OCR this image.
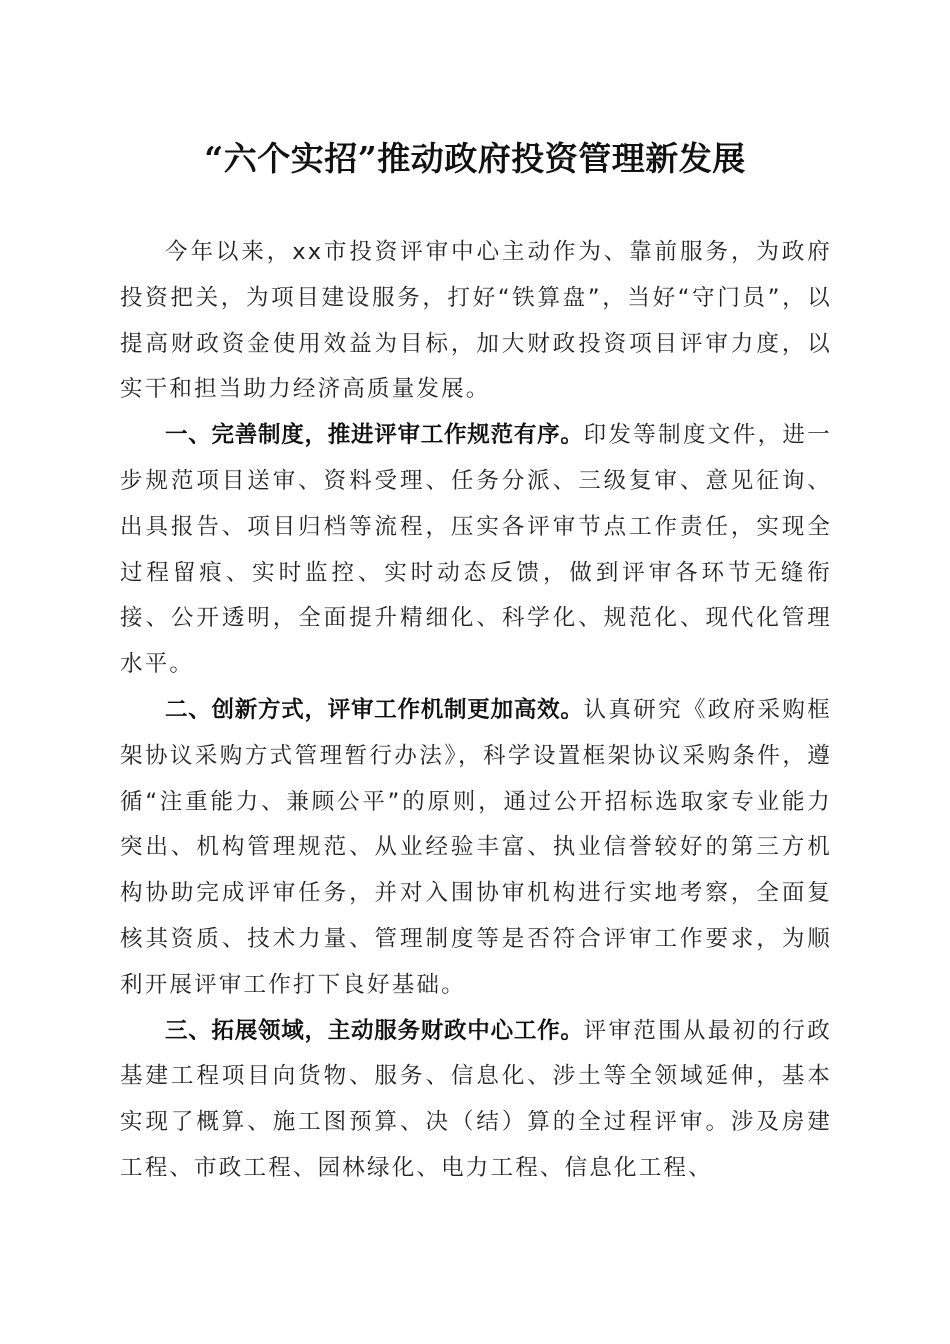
“六个实招”推动政府投资管理新发展

今年以来，xx市投资评审中心主动作为、靠前服务，为政府投资把关，为项目建设服务，打好“铁算盘”，当好“守门员”，以提高财政资金使用效益为目标，加大财政投资项目评审力度，以实干和担当助力经济高质量发展。

一、完善制度，推进评审工作规范有序。印发等制度文件，进一步规范项目送审、资料受理、任务分派、三级复审、意见征询、出具报告、项目归档等流程，压实各评审节点工作责任，实现全过程留痕、实时监控、实时动态反馈，做到评审各环节无缝衔接、公开透明，全面提升精细化、科学化、规范化、现代化管理水平。

二、创新方式，评审工作机制更加高效。认真研究《政府采购框架协议采购方式管理暂行办法》，科学设置框架协议采购条件，遵循“注重能力、兼顾公平”的原则，通过公开招标选取家专业能力突出、机构管理规范、从业经验丰富、执业信誉较好的第三方机构协助完成评审任务，并对入围协审机构进行实地考察，全面复核其资质、技术力量、管理制度等是否符合评审工作要求，为顺利开展评审工作打下良好基础。

三、拓展领域，主动服务财政中心工作。评审范围从最初的行政基建工程项目向货物、服务、信息化、涉土等全领域延伸，基本实现了概算、施工图预算、决（结）算的全过程评审。涉及房建工程、市政工程、园林绿化、电力工程、信息化工程、
